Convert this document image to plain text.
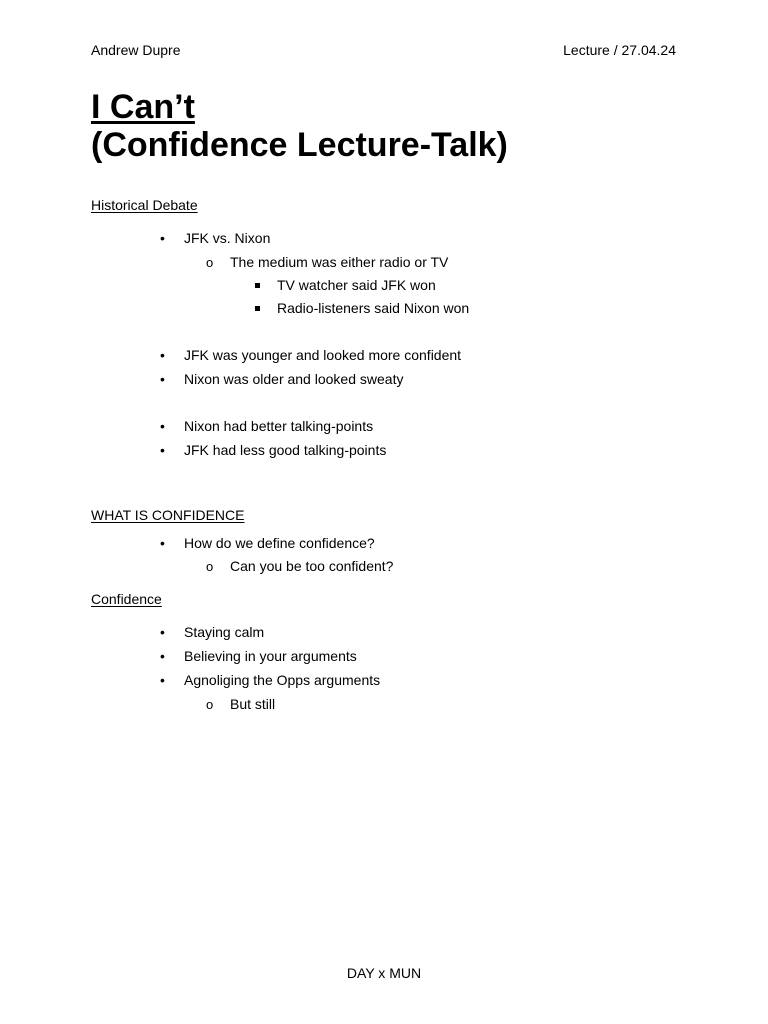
Andrew Dupre	Lecture / 27.04.24
I Can’t
(Confidence Lecture-Talk)
Historical Debate
•
JFK vs. Nixon
o
The medium was either radio or TV
TV watcher said JFK won
Radio-listeners said Nixon won
•
JFK was younger and looked more confident
•
Nixon was older and looked sweaty
•
Nixon had better talking-points
•
JFK had less good talking-points
WHAT IS CONFIDENCE
•
How do we define confidence?
o
Can you be too confident?
Confidence
•
Staying calm
•
Believing in your arguments
•
Agnoliging the Opps arguments
o
But still
DAY x MUN
